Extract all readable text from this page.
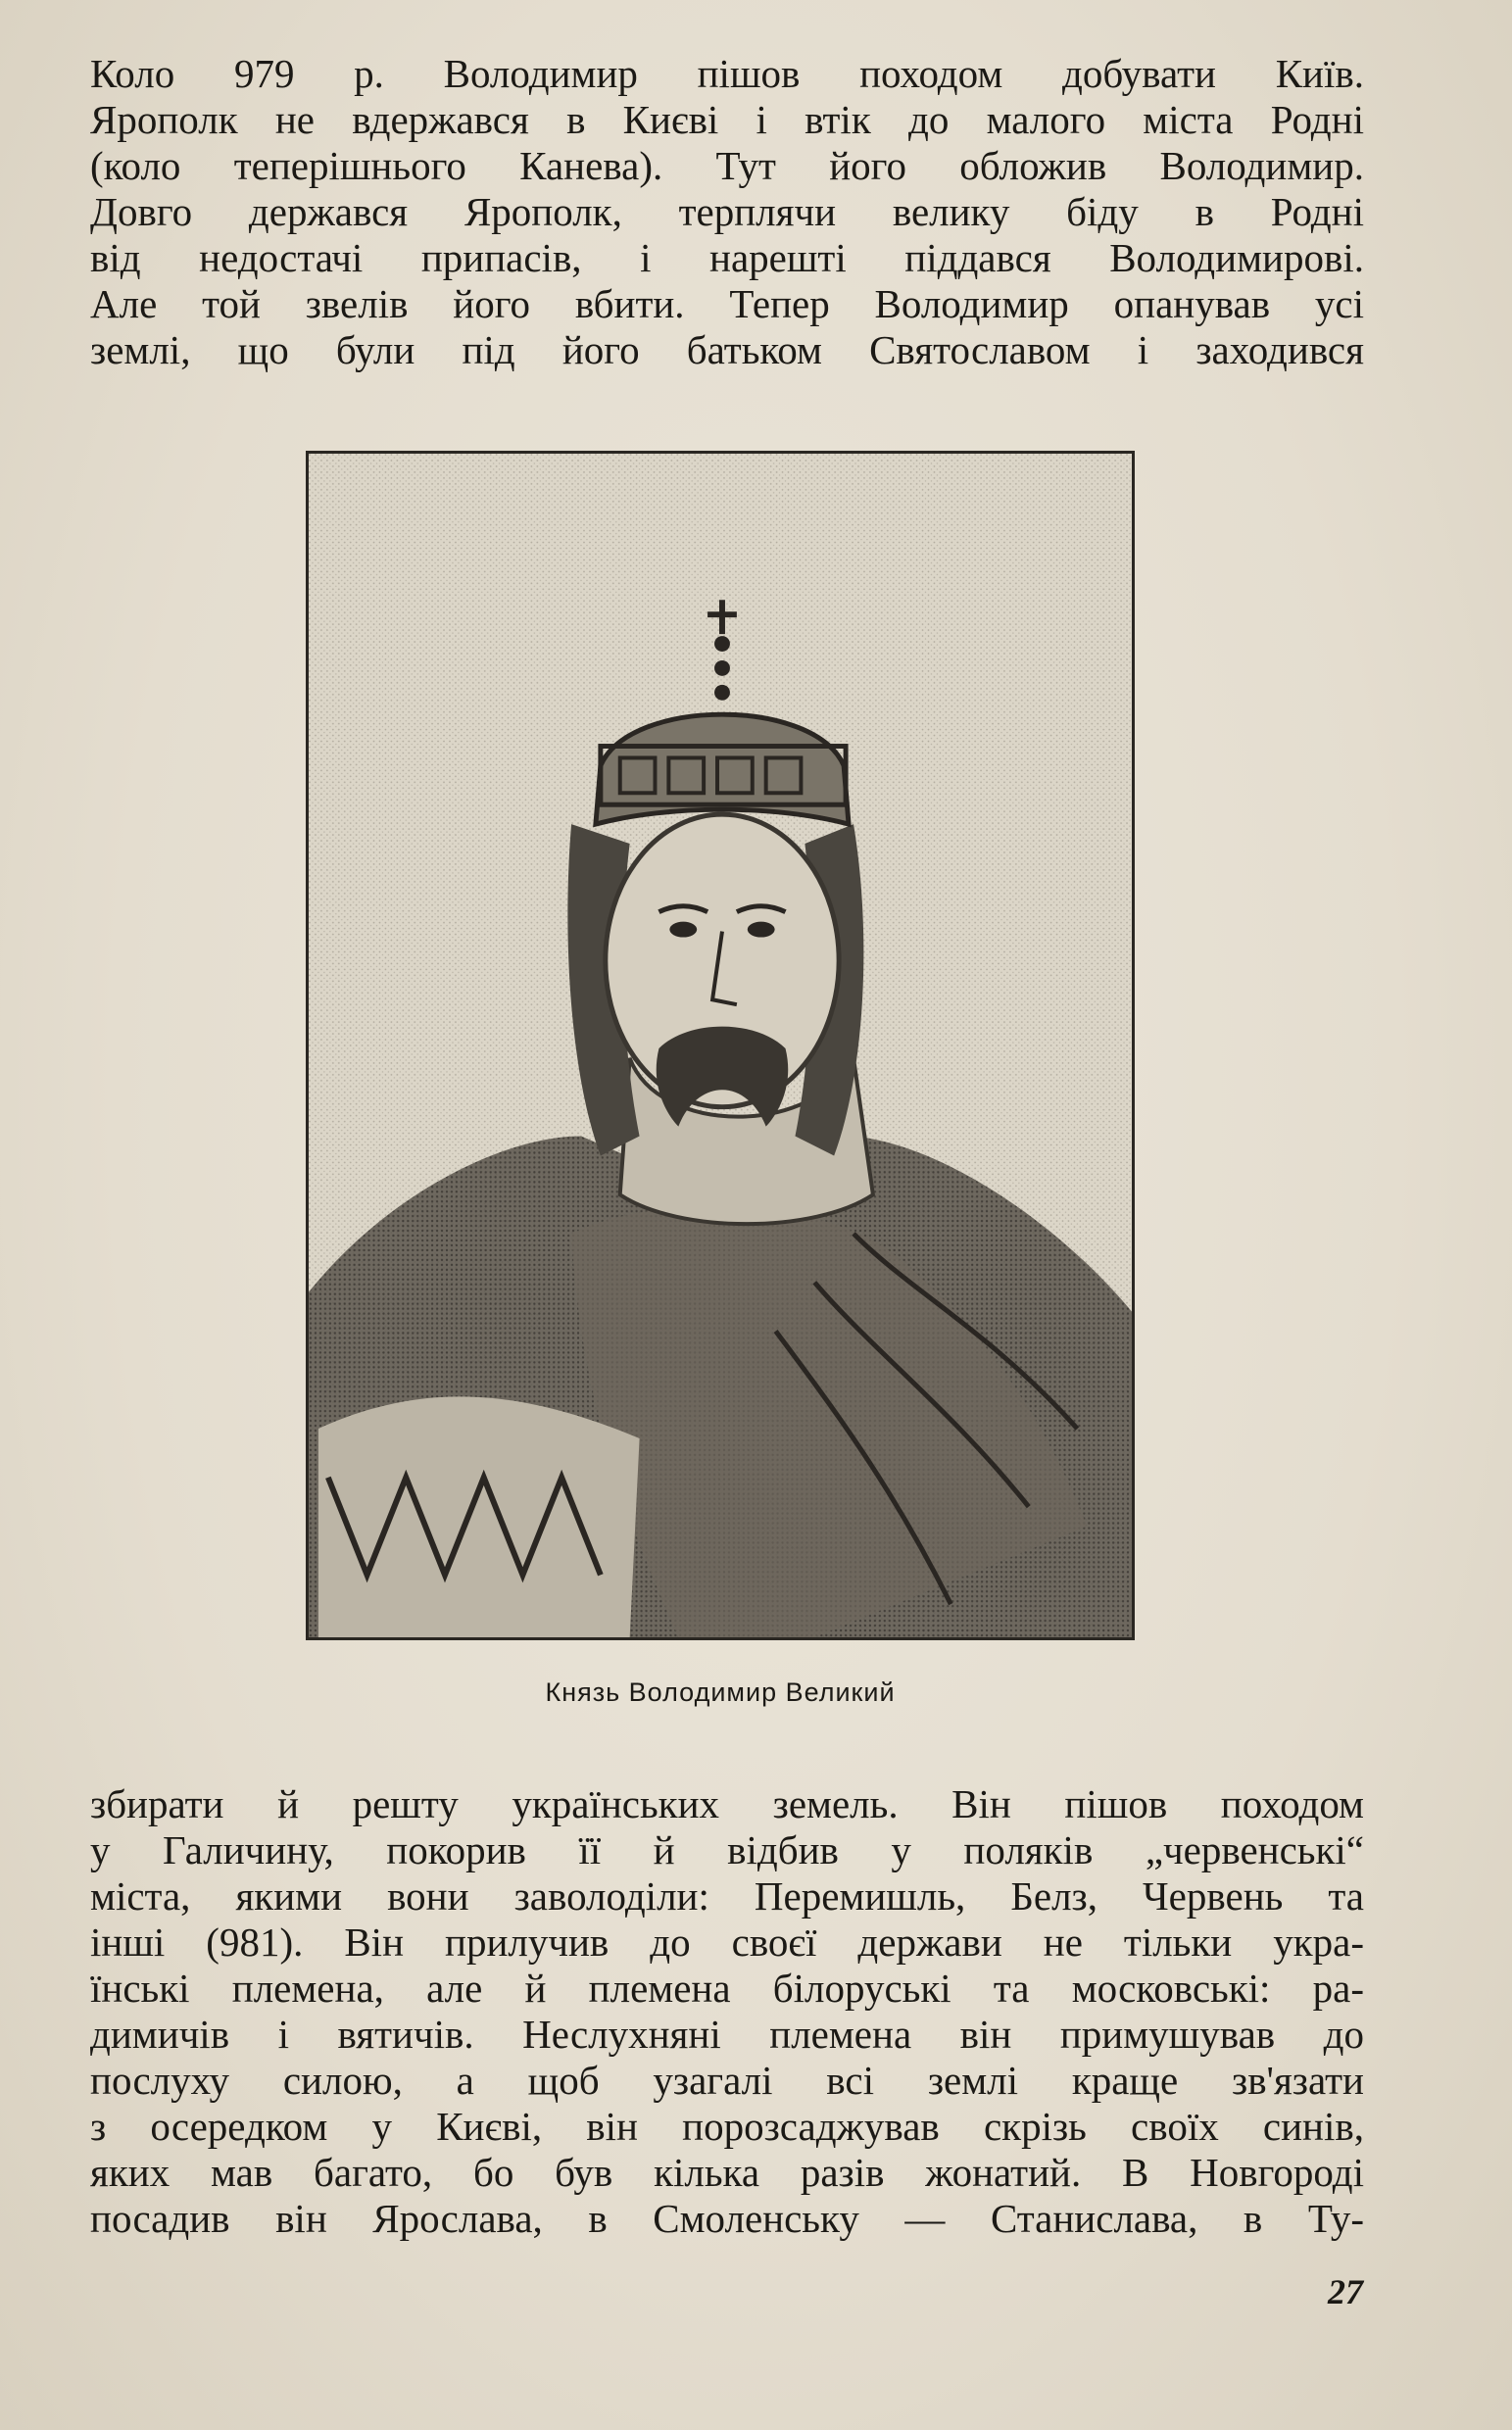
Коло 979 р. Володимир пішов походом добувати Київ.
Ярополк не вдержався в Києві і втік до малого міста Родні
(коло теперішнього Канева). Тут його обложив Володимир.
Довго держався Ярополк, терплячи велику біду в Родні
від недостачі припасів, і нарешті піддався Володимирові.
Але той звелів його вбити. Тепер Володимир опанував усі
землі, що були під його батьком Святославом і заходився
Князь Володимир Великий
збирати й решту українських земель. Він пішов походом
у Галичину, покорив її й відбив у поляків „червенські“
міста, якими вони заволоділи: Перемишль, Белз, Червень та
інші (981). Він прилучив до своєї держави не тільки укра-
їнські племена, але й племена білоруські та московські: ра-
димичів і вятичів. Неслухняні племена він примушував до
послуху силою, а щоб узагалі всі землі краще зв'язати
з осередком у Києві, він порозсаджував скрізь своїх синів,
яких мав багато, бо був кілька разів жонатий. В Новгороді
посадив він Ярослава, в Смоленську — Станислава, в Ту-
27
